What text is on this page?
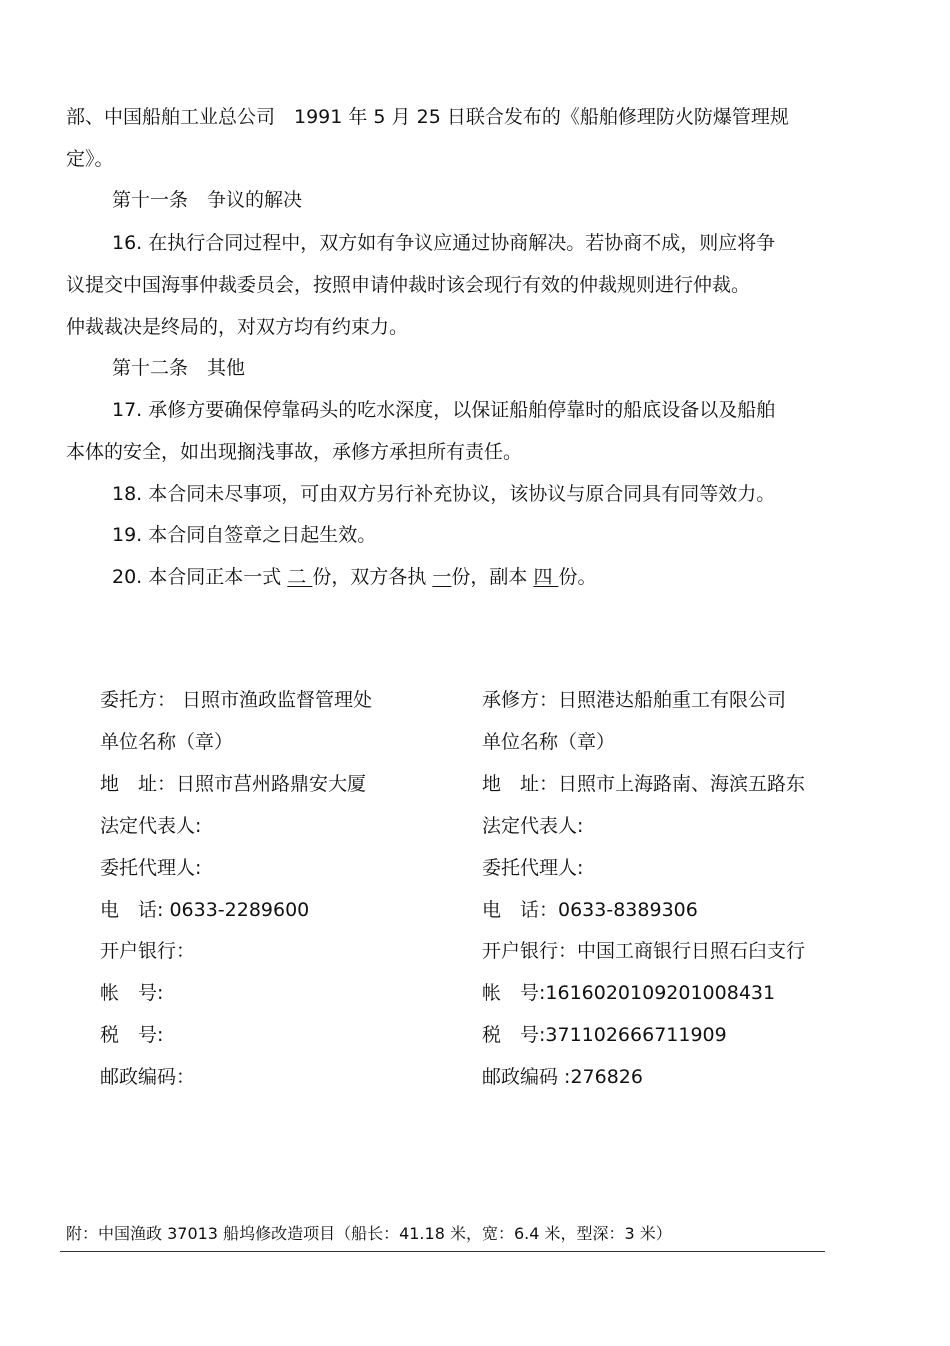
部、中国船舶工业总公司　1991 年 5 月 25 日联合发布的《船舶修理防火防爆管理规
定》。
第十一条　争议的解决
16. 在执行合同过程中，双方如有争议应通过协商解决。若协商不成，则应将争
议提交中国海事仲裁委员会，按照申请仲裁时该会现行有效的仲裁规则进行仲裁。
仲裁裁决是终局的，对双方均有约束力。
第十二条　其他
17. 承修方要确保停靠码头的吃水深度，以保证船舶停靠时的船底设备以及船舶
本体的安全，如出现搁浅事故，承修方承担所有责任。
18. 本合同未尽事项，可由双方另行补充协议，该协议与原合同具有同等效力。
19. 本合同自签章之日起生效。
20. 本合同正本一式 二 份，双方各执 一份，副本 四 份。
委托方： 日照市渔政监督管理处
单位名称（章）
地　址：日照市莒州路鼎安大厦
法定代表人:
委托代理人:
电　话: 0633-2289600
开户银行：
帐　号:
税　号:
邮政编码：
承修方：日照港达船舶重工有限公司
单位名称（章）
地　址：日照市上海路南、海滨五路东
法定代表人:
委托代理人:
电　话：0633-8389306
开户银行：中国工商银行日照石臼支行
帐　号:1616020109201008431
税　号:371102666711909
邮政编码 :276826
附：中国渔政 37013 船坞修改造项目（船长：41.18 米，宽：6.4 米，型深：3 米）
